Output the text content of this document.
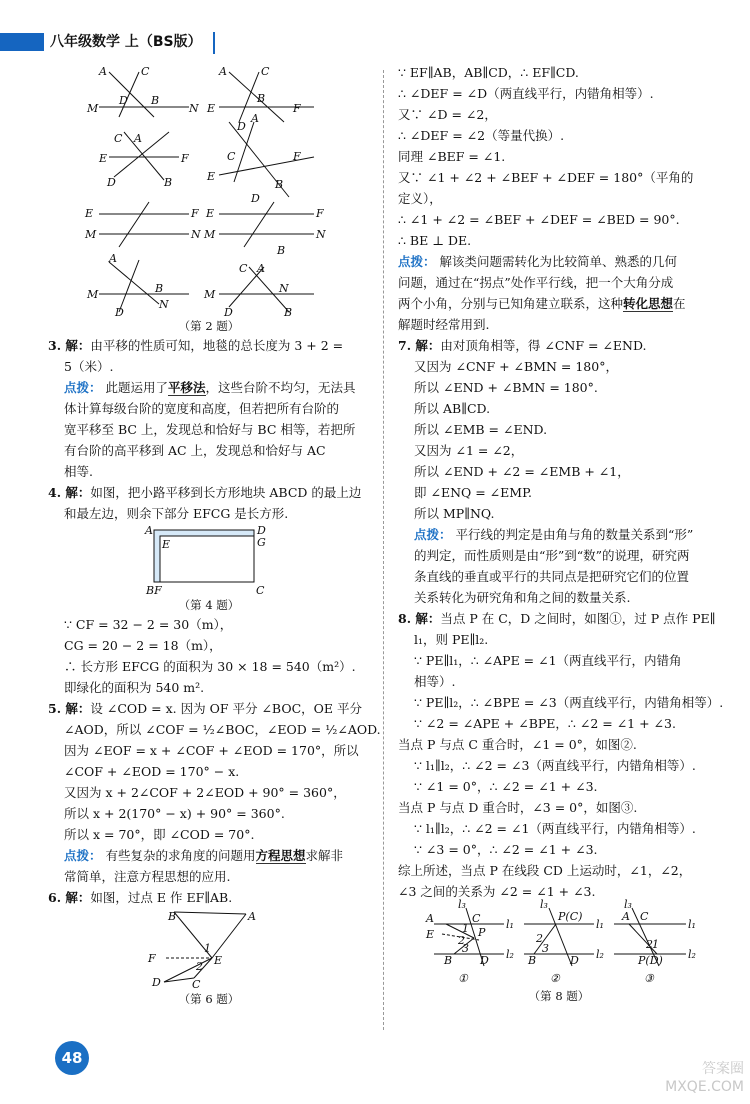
八年级数学 上（BS版）
A	C
M
D B
N
A	C
E
B
F
D
C A
E	F
D	B
A
C
E
F
B
D
E	F
M	N
E	F
M	N
B
A
M	B
N
D
C A
M
D
N
B
（第 2 题）
3. 解：由平移的性质可知，地毯的总长度为 3 + 2 =
5（米）.
点拨： 此题运用了平移法，这些台阶不均匀，无法具
体计算每级台阶的宽度和高度，但若把所有台阶的
宽平移至 BC 上，发现总和恰好与 BC 相等，若把所
有台阶的高平移到 AC 上，发现总和恰好与 AC
相等.
4. 解：如图，把小路平移到长方形地块 ABCD 的最上边
和最左边，则余下部分 EFCG 是长方形.
A	D
G
E
BF	C
（第 4 题）
∵ CF = 32 − 2 = 30（m），
CG = 20 − 2 = 18（m），
∴ 长方形 EFCG 的面积为 30 × 18 = 540（m²）.
即绿化的面积为 540 m².
5. 解：设 ∠COD = x. 因为 OF 平分 ∠BOC，OE 平分
∠AOD，所以 ∠COF = ½∠BOC，∠EOD = ½∠AOD.
因为 ∠EOF = x + ∠COF + ∠EOD = 170°，所以
∠COF + ∠EOD = 170° − x.
又因为 x + 2∠COF + 2∠EOD + 90° = 360°，
所以 x + 2(170° − x) + 90° = 360°.
所以 x = 70°，即 ∠COD = 70°.
点拨： 有些复杂的求角度的问题用方程思想求解非
常简单，注意方程思想的应用.
6. 解：如图，过点 E 作 EF∥AB.
B	A
F	E
1
2
D	C
（第 6 题）
∵ EF∥AB，AB∥CD，∴ EF∥CD.
∴ ∠DEF = ∠D（两直线平行，内错角相等）.
又∵ ∠D = ∠2，
∴ ∠DEF = ∠2（等量代换）.
同理 ∠BEF = ∠1.
又∵ ∠1 + ∠2 + ∠BEF + ∠DEF = 180°（平角的
定义），
∴ ∠1 + ∠2 = ∠BEF + ∠DEF = ∠BED = 90°.
∴ BE ⊥ DE.
点拨： 解该类问题需转化为比较简单、熟悉的几何
问题，通过在“拐点”处作平行线，把一个大角分成
两个小角，分别与已知角建立联系，这种转化思想在
解题时经常用到.
7. 解：由对顶角相等，得 ∠CNF = ∠END.
又因为 ∠CNF + ∠BMN = 180°，
所以 ∠END + ∠BMN = 180°.
所以 AB∥CD.
所以 ∠EMB = ∠END.
又因为 ∠1 = ∠2，
所以 ∠END + ∠2 = ∠EMB + ∠1，
即 ∠ENQ = ∠EMP.
所以 MP∥NQ.
点拨： 平行线的判定是由角与角的数量关系到“形”
的判定，而性质则是由“形”到“数”的说理，研究两
条直线的垂直或平行的共同点是把研究它们的位置
关系转化为研究角和角之间的数量关系.
8. 解：当点 P 在 C，D 之间时，如图①，过 P 点作 PE∥
l₁，则 PE∥l₂.
∵ PE∥l₁，∴ ∠APE = ∠1（两直线平行，内错角
相等）.
∵ PE∥l₂，∴ ∠BPE = ∠3（两直线平行，内错角相等）.
∵ ∠2 = ∠APE + ∠BPE，∴ ∠2 = ∠1 + ∠3.
当点 P 与点 C 重合时，∠1 = 0°，如图②.
∵ l₁∥l₂，∴ ∠2 = ∠3（两直线平行，内错角相等）.
∵ ∠1 = 0°，∴ ∠2 = ∠1 + ∠3.
当点 P 与点 D 重合时，∠3 = 0°，如图③.
∵ l₁∥l₂，∴ ∠2 = ∠1（两直线平行，内错角相等）.
∵ ∠3 = 0°，∴ ∠2 = ∠1 + ∠3.
综上所述，当点 P 在线段 CD 上运动时，∠1，∠2，
∠3 之间的关系为 ∠2 = ∠1 + ∠3.
l₃
A	C l₁
E	P
1
2
3
B	D l₂
l₃
P(C)
l₁
2
3
B	D l₂
l₃
A C
l₁
2 1
P(D) l₂
①	②	③
（第 8 题）
48
答案圈
MXQE.COM
